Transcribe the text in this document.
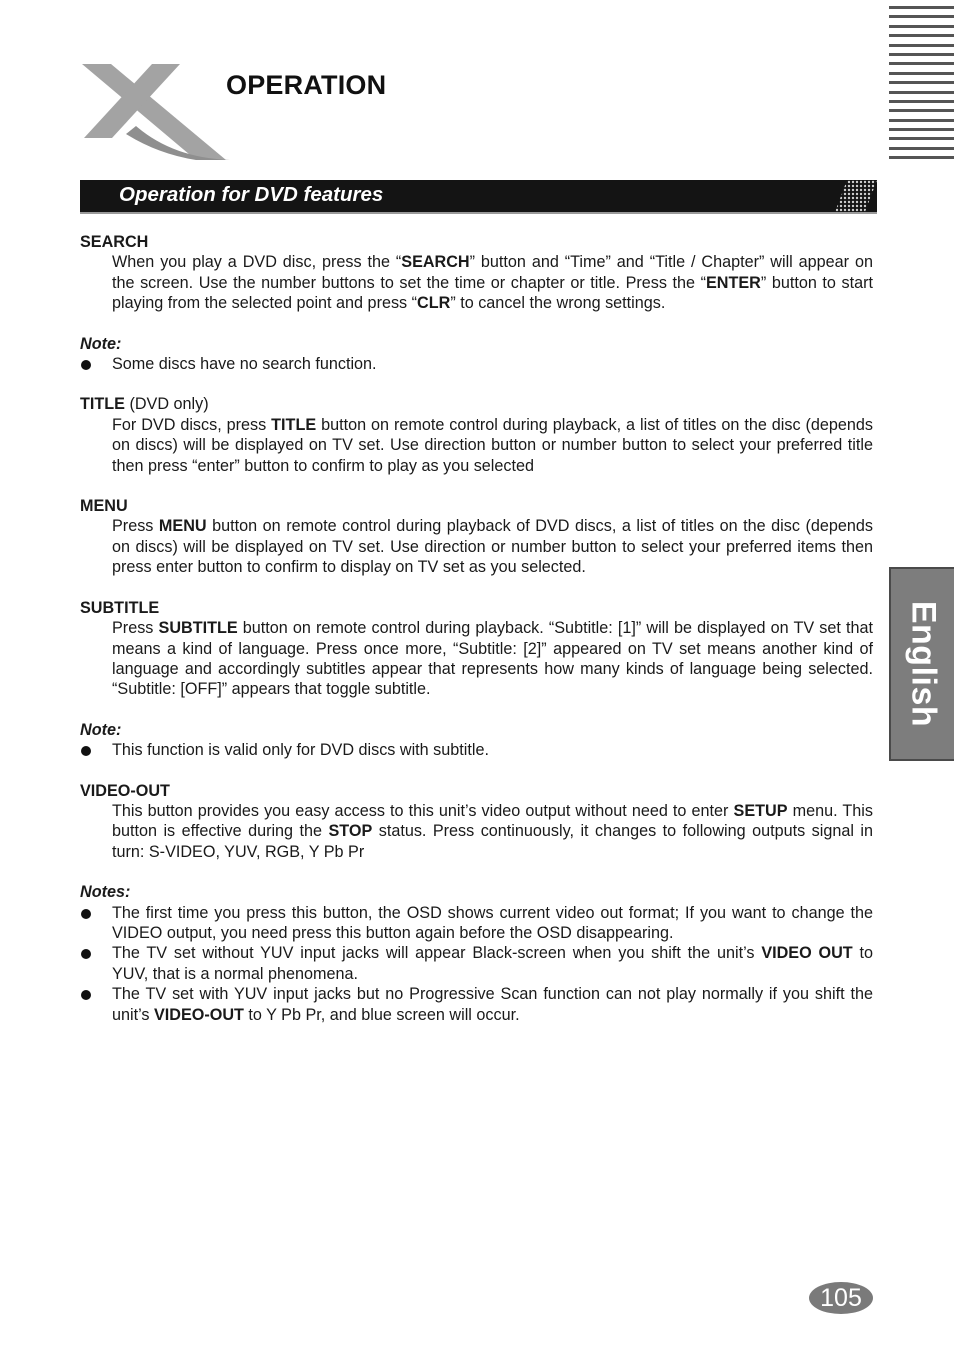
OPERATION
Operation for DVD features
SEARCH
When you play a DVD disc, press the “SEARCH” button and “Time” and “Title / Chapter” will appear on the screen. Use the number buttons to set the time or chapter or title. Press the “ENTER” button to start playing from the selected point and press “CLR” to cancel the wrong settings.
Note:
Some discs have no search function.
TITLE (DVD only)
For DVD discs, press TITLE button on remote control during playback, a list of titles on the disc (depends on discs) will be displayed on TV set. Use direction button or number button to select your preferred title then press “enter” button to confirm to play as you selected
MENU
Press MENU button on remote control during playback of DVD discs, a list of titles on the disc (depends on discs) will be displayed on TV set. Use direction or number button to select your preferred items then press enter button to confirm to display on TV set as you selected.
SUBTITLE
Press SUBTITLE button on remote control during playback. “Subtitle: [1]” will be displayed on TV set that means a kind of language. Press once more, “Subtitle: [2]” appeared on TV set means another kind of language and accordingly subtitles appear that represents how many kinds of language being selected. “Subtitle: [OFF]” appears that toggle subtitle.
Note:
This function is valid only for DVD discs with subtitle.
VIDEO-OUT
This button provides you easy access to this unit’s video output without need to enter SETUP menu. This button is effective during the STOP status. Press continuously, it changes to following outputs signal in turn: S-VIDEO, YUV, RGB, Y Pb Pr
Notes:
The first time you press this button, the OSD shows current video out format; If you want to change the VIDEO output, you need press this button again before the OSD disappearing.
The TV set without YUV input jacks will appear Black-screen when you shift the unit’s VIDEO OUT to YUV, that is a normal phenomena.
The TV set with YUV input jacks but no Progressive Scan function can not play normally if you shift the unit’s VIDEO-OUT to Y Pb Pr, and blue screen will occur.
English
105
